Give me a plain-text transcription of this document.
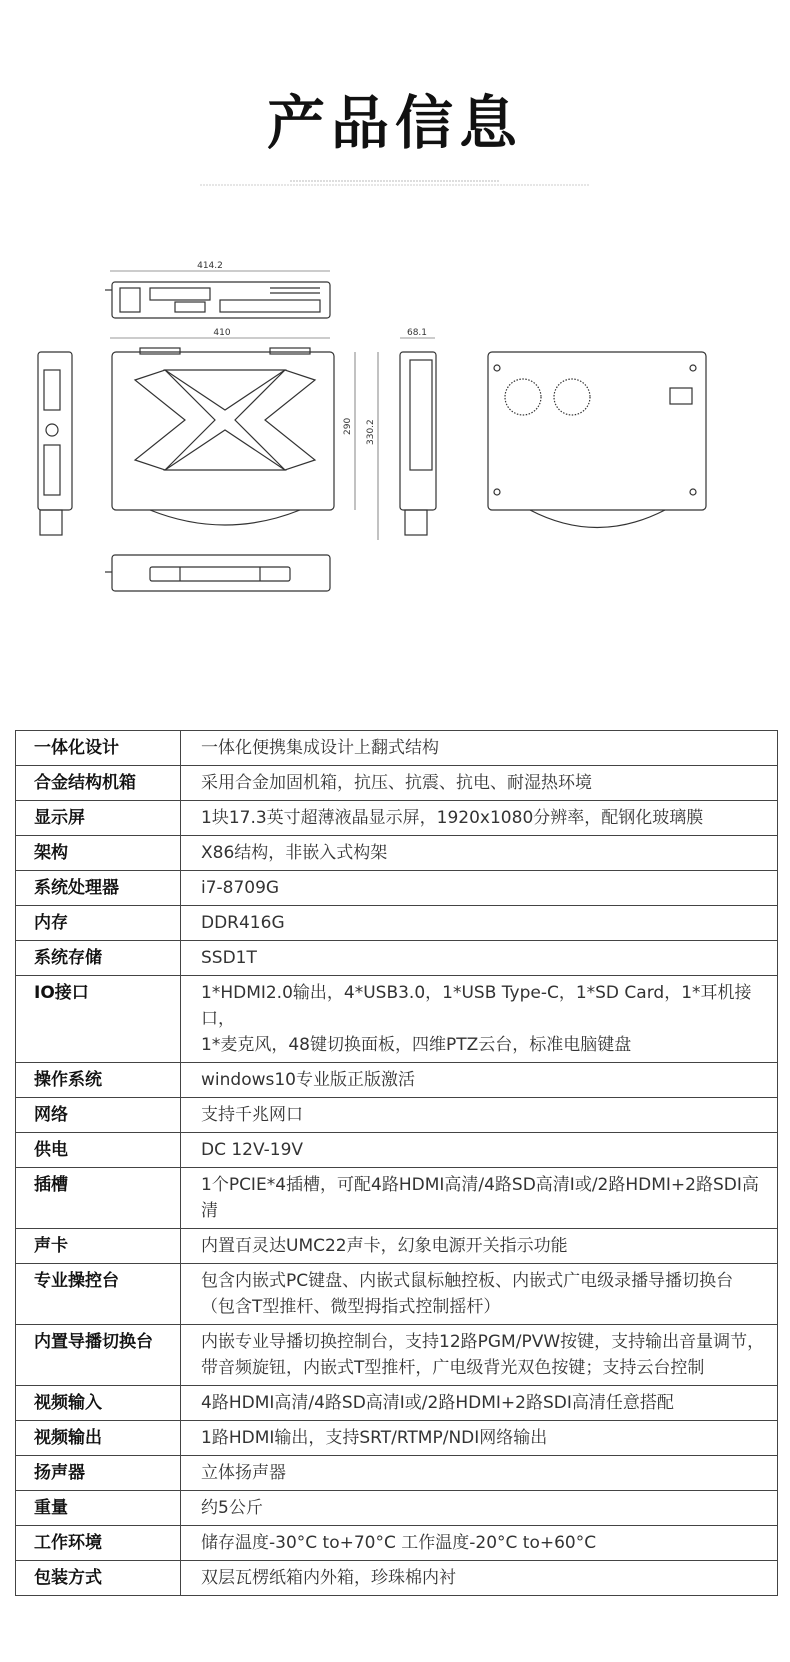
产品信息
414.2
410
290 330.2
68.1
一体化设计	一体化便携集成设计上翻式结构

合金结构机箱	采用合金加固机箱，抗压、抗震、抗电、耐湿热环境

显示屏	1块17.3英寸超薄液晶显示屏，1920x1080分辨率，配钢化玻璃膜

架构	X86结构，非嵌入式构架

系统处理器	i7-8709G

内存	DDR416G

系统存储	SSD1T

IO接口	1*HDMI2.0输出，4*USB3.0，1*USB Type-C，1*SD Card，1*耳机接口，
1*麦克风，48键切换面板，四维PTZ云台，标准电脑键盘

操作系统	windows10专业版正版激活

网络	支持千兆网口

供电	DC 12V-19V

插槽	1个PCIE*4插槽，可配4路HDMI高清/4路SD高清I或/2路HDMI+2路SDI高清

声卡	内置百灵达UMC22声卡，幻象电源开关指示功能

专业操控台	包含内嵌式PC键盘、内嵌式鼠标触控板、内嵌式广电级录播导播切换台
（包含T型推杆、微型拇指式控制摇杆）

内置导播切换台	内嵌专业导播切换控制台，支持12路PGM/PVW按键，支持输出音量调节，
带音频旋钮，内嵌式T型推杆，广电级背光双色按键；支持云台控制

视频输入	4路HDMI高清/4路SD高清I或/2路HDMI+2路SDI高清任意搭配

视频输出	1路HDMI输出，支持SRT/RTMP/NDI网络输出

扬声器	立体扬声器

重量	约5公斤

工作环境	储存温度-30°C to+70°C 工作温度-20°C to+60°C

包装方式	双层瓦楞纸箱内外箱，珍珠棉内衬
